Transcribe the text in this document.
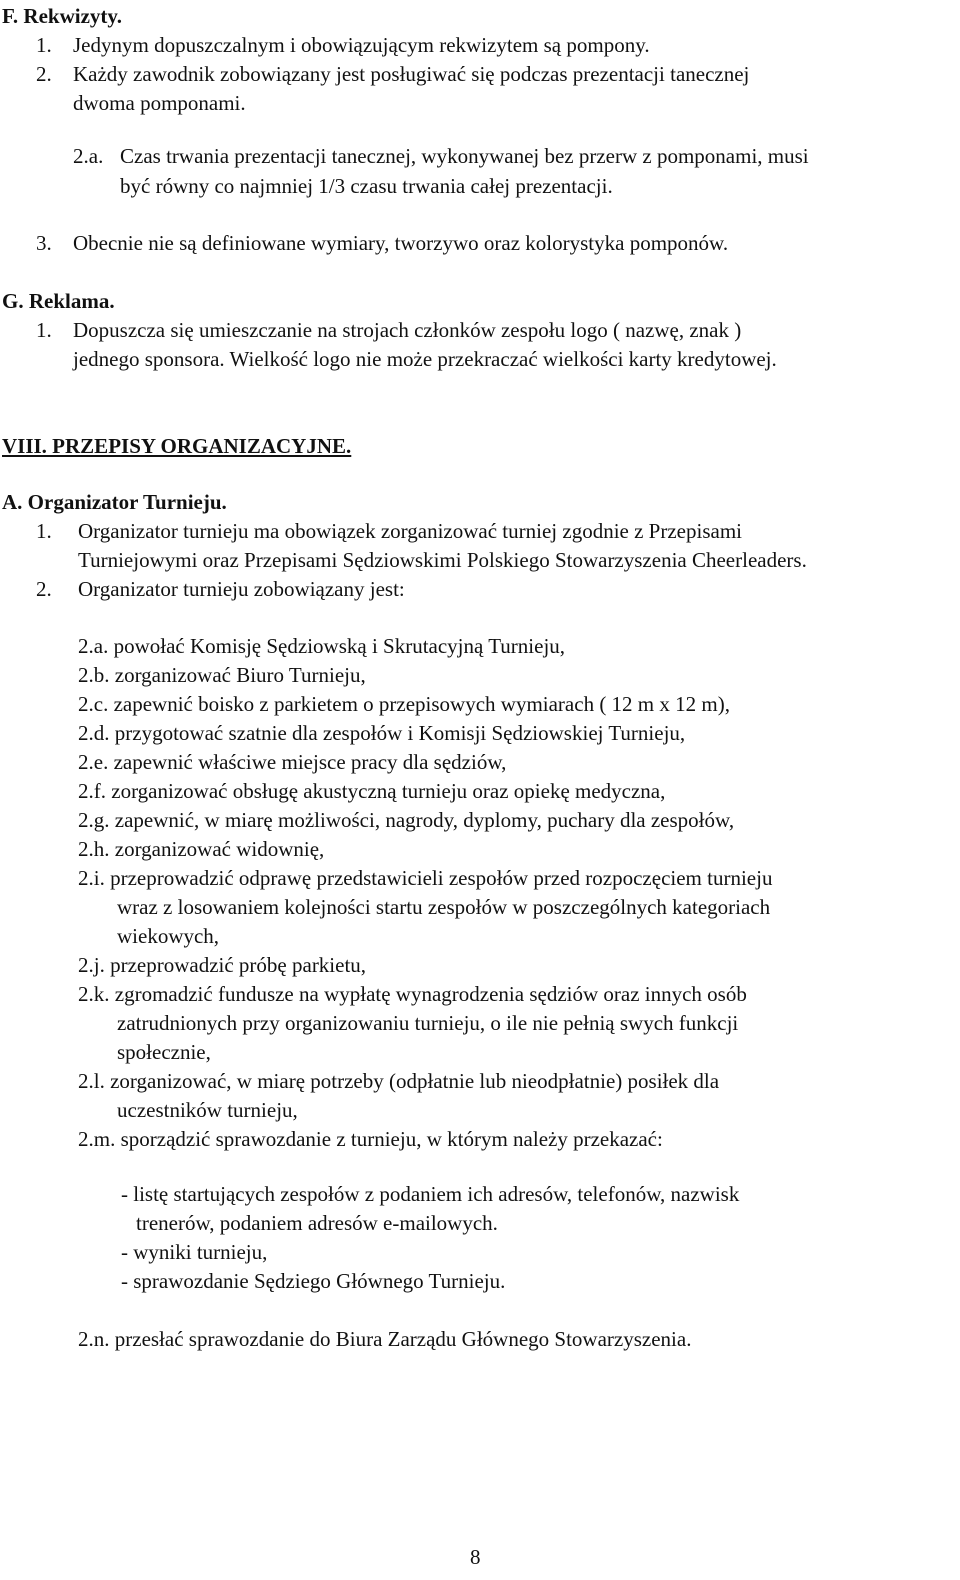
F. Rekwizyty.
1. Jedynym dopuszczalnym i obowiązującym rekwizytem są pompony.
2. Każdy zawodnik zobowiązany jest posługiwać się podczas prezentacji tanecznej
dwoma pomponami.
2.a. Czas trwania prezentacji tanecznej, wykonywanej bez przerw z pomponami, musi
być równy co najmniej 1/3 czasu trwania całej prezentacji.
3. Obecnie nie są definiowane wymiary, tworzywo oraz kolorystyka pomponów.
G. Reklama.
1. Dopuszcza się umieszczanie na strojach członków zespołu logo ( nazwę, znak )
jednego sponsora. Wielkość logo nie może przekraczać wielkości karty kredytowej.
VIII. PRZEPISY ORGANIZACYJNE.
A. Organizator Turnieju.
1. Organizator turnieju ma obowiązek zorganizować turniej zgodnie z Przepisami
Turniejowymi oraz Przepisami Sędziowskimi Polskiego Stowarzyszenia Cheerleaders.
2. Organizator turnieju zobowiązany jest:
2.a. powołać Komisję Sędziowską i Skrutacyjną Turnieju,
2.b. zorganizować Biuro Turnieju,
2.c. zapewnić boisko z parkietem o przepisowych wymiarach ( 12 m x 12 m),
2.d. przygotować szatnie dla zespołów i Komisji Sędziowskiej Turnieju,
2.e. zapewnić właściwe miejsce pracy dla sędziów,
2.f. zorganizować obsługę akustyczną turnieju oraz opiekę medyczna,
2.g. zapewnić, w miarę możliwości, nagrody, dyplomy, puchary dla zespołów,
2.h. zorganizować widownię,
2.i. przeprowadzić odprawę przedstawicieli zespołów przed rozpoczęciem turnieju
wraz z losowaniem kolejności startu zespołów w poszczególnych kategoriach
wiekowych,
2.j. przeprowadzić próbę parkietu,
2.k. zgromadzić fundusze na wypłatę wynagrodzenia sędziów oraz innych osób
zatrudnionych przy organizowaniu turnieju, o ile nie pełnią swych funkcji
społecznie,
2.l. zorganizować, w miarę potrzeby (odpłatnie lub nieodpłatnie) posiłek dla
uczestników turnieju,
2.m. sporządzić sprawozdanie z turnieju, w którym należy przekazać:
- listę startujących zespołów z podaniem ich adresów, telefonów, nazwisk
trenerów, podaniem adresów e-mailowych.
- wyniki turnieju,
- sprawozdanie Sędziego Głównego Turnieju.
2.n. przesłać sprawozdanie do Biura Zarządu Głównego Stowarzyszenia.
8
